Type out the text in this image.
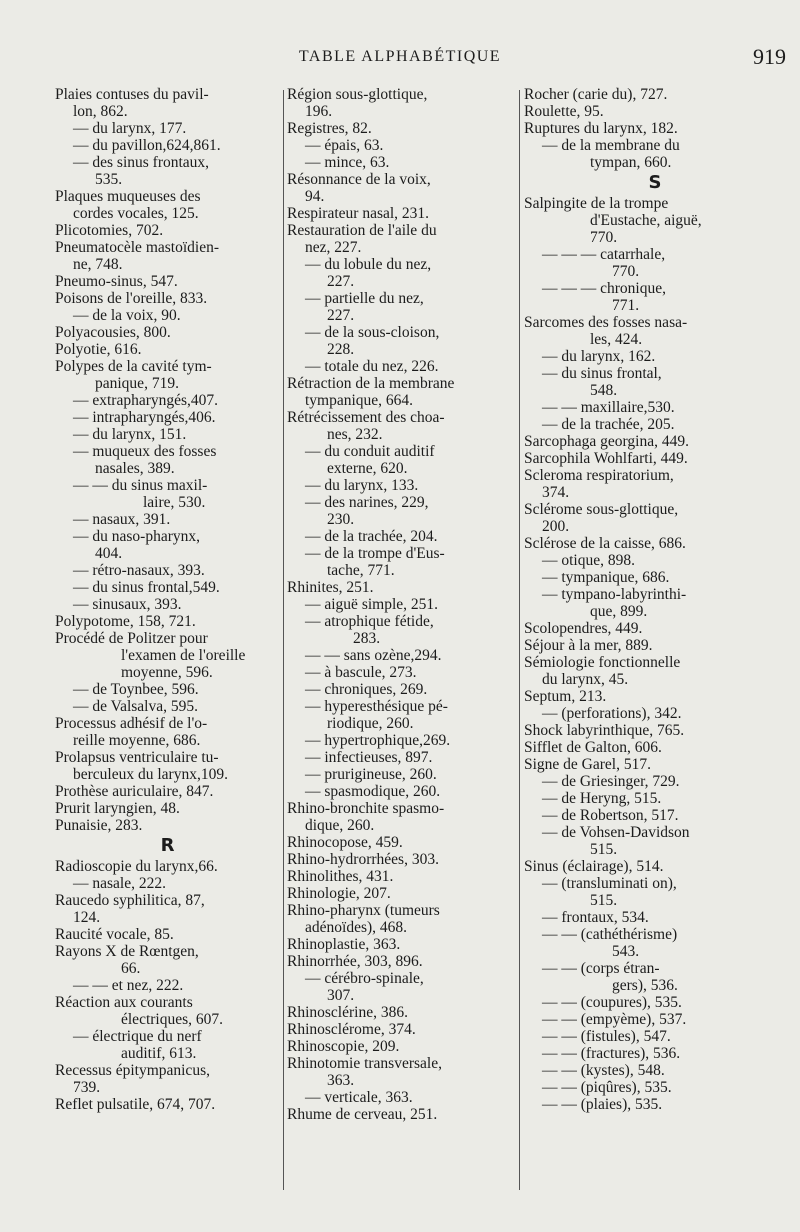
TABLE ALPHABÉTIQUE	919
Plaies contuses du pavil-
lon, 862.
— du larynx, 177.
— du pavillon,624,861.
— des sinus frontaux,
535.
Plaques muqueuses des
cordes vocales, 125.
Plicotomies, 702.
Pneumatocèle mastoïdien-
ne, 748.
Pneumo-sinus, 547.
Poisons de l'oreille, 833.
— de la voix, 90.
Polyacousies, 800.
Polyotie, 616.
Polypes de la cavité tym-
panique, 719.
— extrapharyngés,407.
— intrapharyngés,406.
— du larynx, 151.
— muqueux des fosses
nasales, 389.
— — du sinus maxil-
laire, 530.
— nasaux, 391.
— du naso-pharynx,
404.
— rétro-nasaux, 393.
— du sinus frontal,549.
— sinusaux, 393.
Polypotome, 158, 721.
Procédé de Politzer pour
l'examen de l'oreille
moyenne, 596.
— de Toynbee, 596.
— de Valsalva, 595.
Processus adhésif de l'o-
reille moyenne, 686.
Prolapsus ventriculaire tu-
berculeux du larynx,109.
Prothèse auriculaire, 847.
Prurit laryngien, 48.
Punaisie, 283.
R
Radioscopie du larynx,66.
— nasale, 222.
Raucedo syphilitica, 87,
124.
Raucité vocale, 85.
Rayons X de Rœntgen,
66.
— — et nez, 222.
Réaction aux courants
électriques, 607.
— électrique du nerf
auditif, 613.
Recessus épitympanicus,
739.
Reflet pulsatile, 674, 707.
Région sous-glottique,
196.
Registres, 82.
— épais, 63.
— mince, 63.
Résonnance de la voix,
94.
Respirateur nasal, 231.
Restauration de l'aile du
nez, 227.
— du lobule du nez,
227.
— partielle du nez,
227.
— de la sous-cloison,
228.
— totale du nez, 226.
Rétraction de la membrane
tympanique, 664.
Rétrécissement des choa-
nes, 232.
— du conduit auditif
externe, 620.
— du larynx, 133.
— des narines, 229,
230.
— de la trachée, 204.
— de la trompe d'Eus-
tache, 771.
Rhinites, 251.
— aiguë simple, 251.
— atrophique fétide,
283.
— — sans ozène,294.
— à bascule, 273.
— chroniques, 269.
— hyperesthésique pé-
riodique, 260.
— hypertrophique,269.
— infectieuses, 897.
— prurigineuse, 260.
— spasmodique, 260.
Rhino-bronchite spasmo-
dique, 260.
Rhinocopose, 459.
Rhino-hydrorrhées, 303.
Rhinolithes, 431.
Rhinologie, 207.
Rhino-pharynx (tumeurs
adénoïdes), 468.
Rhinoplastie, 363.
Rhinorrhée, 303, 896.
— cérébro-spinale,
307.
Rhinosclérine, 386.
Rhinosclérome, 374.
Rhinoscopie, 209.
Rhinotomie transversale,
363.
— verticale, 363.
Rhume de cerveau, 251.
Rocher (carie du), 727.
Roulette, 95.
Ruptures du larynx, 182.
— de la membrane du
tympan, 660.
S
Salpingite de la trompe
d'Eustache, aiguë,
770.
— — — catarrhale,
770.
— — — chronique,
771.
Sarcomes des fosses nasa-
les, 424.
— du larynx, 162.
— du sinus frontal,
548.
— — maxillaire,530.
— de la trachée, 205.
Sarcophaga georgina, 449.
Sarcophila Wohlfarti, 449.
Scleroma respiratorium,
374.
Sclérome sous-glottique,
200.
Sclérose de la caisse, 686.
— otique, 898.
— tympanique, 686.
— tympano-labyrinthi-
que, 899.
Scolopendres, 449.
Séjour à la mer, 889.
Sémiologie fonctionnelle
du larynx, 45.
Septum, 213.
— (perforations), 342.
Shock labyrinthique, 765.
Sifflet de Galton, 606.
Signe de Garel, 517.
— de Griesinger, 729.
— de Heryng, 515.
— de Robertson, 517.
— de Vohsen-Davidson
515.
Sinus (éclairage), 514.
— (transluminati on),
515.
— frontaux, 534.
— — (cathéthérisme)
543.
— — (corps étran-
gers), 536.
— — (coupures), 535.
— — (empyème), 537.
— — (fistules), 547.
— — (fractures), 536.
— — (kystes), 548.
— — (piqûres), 535.
— — (plaies), 535.
